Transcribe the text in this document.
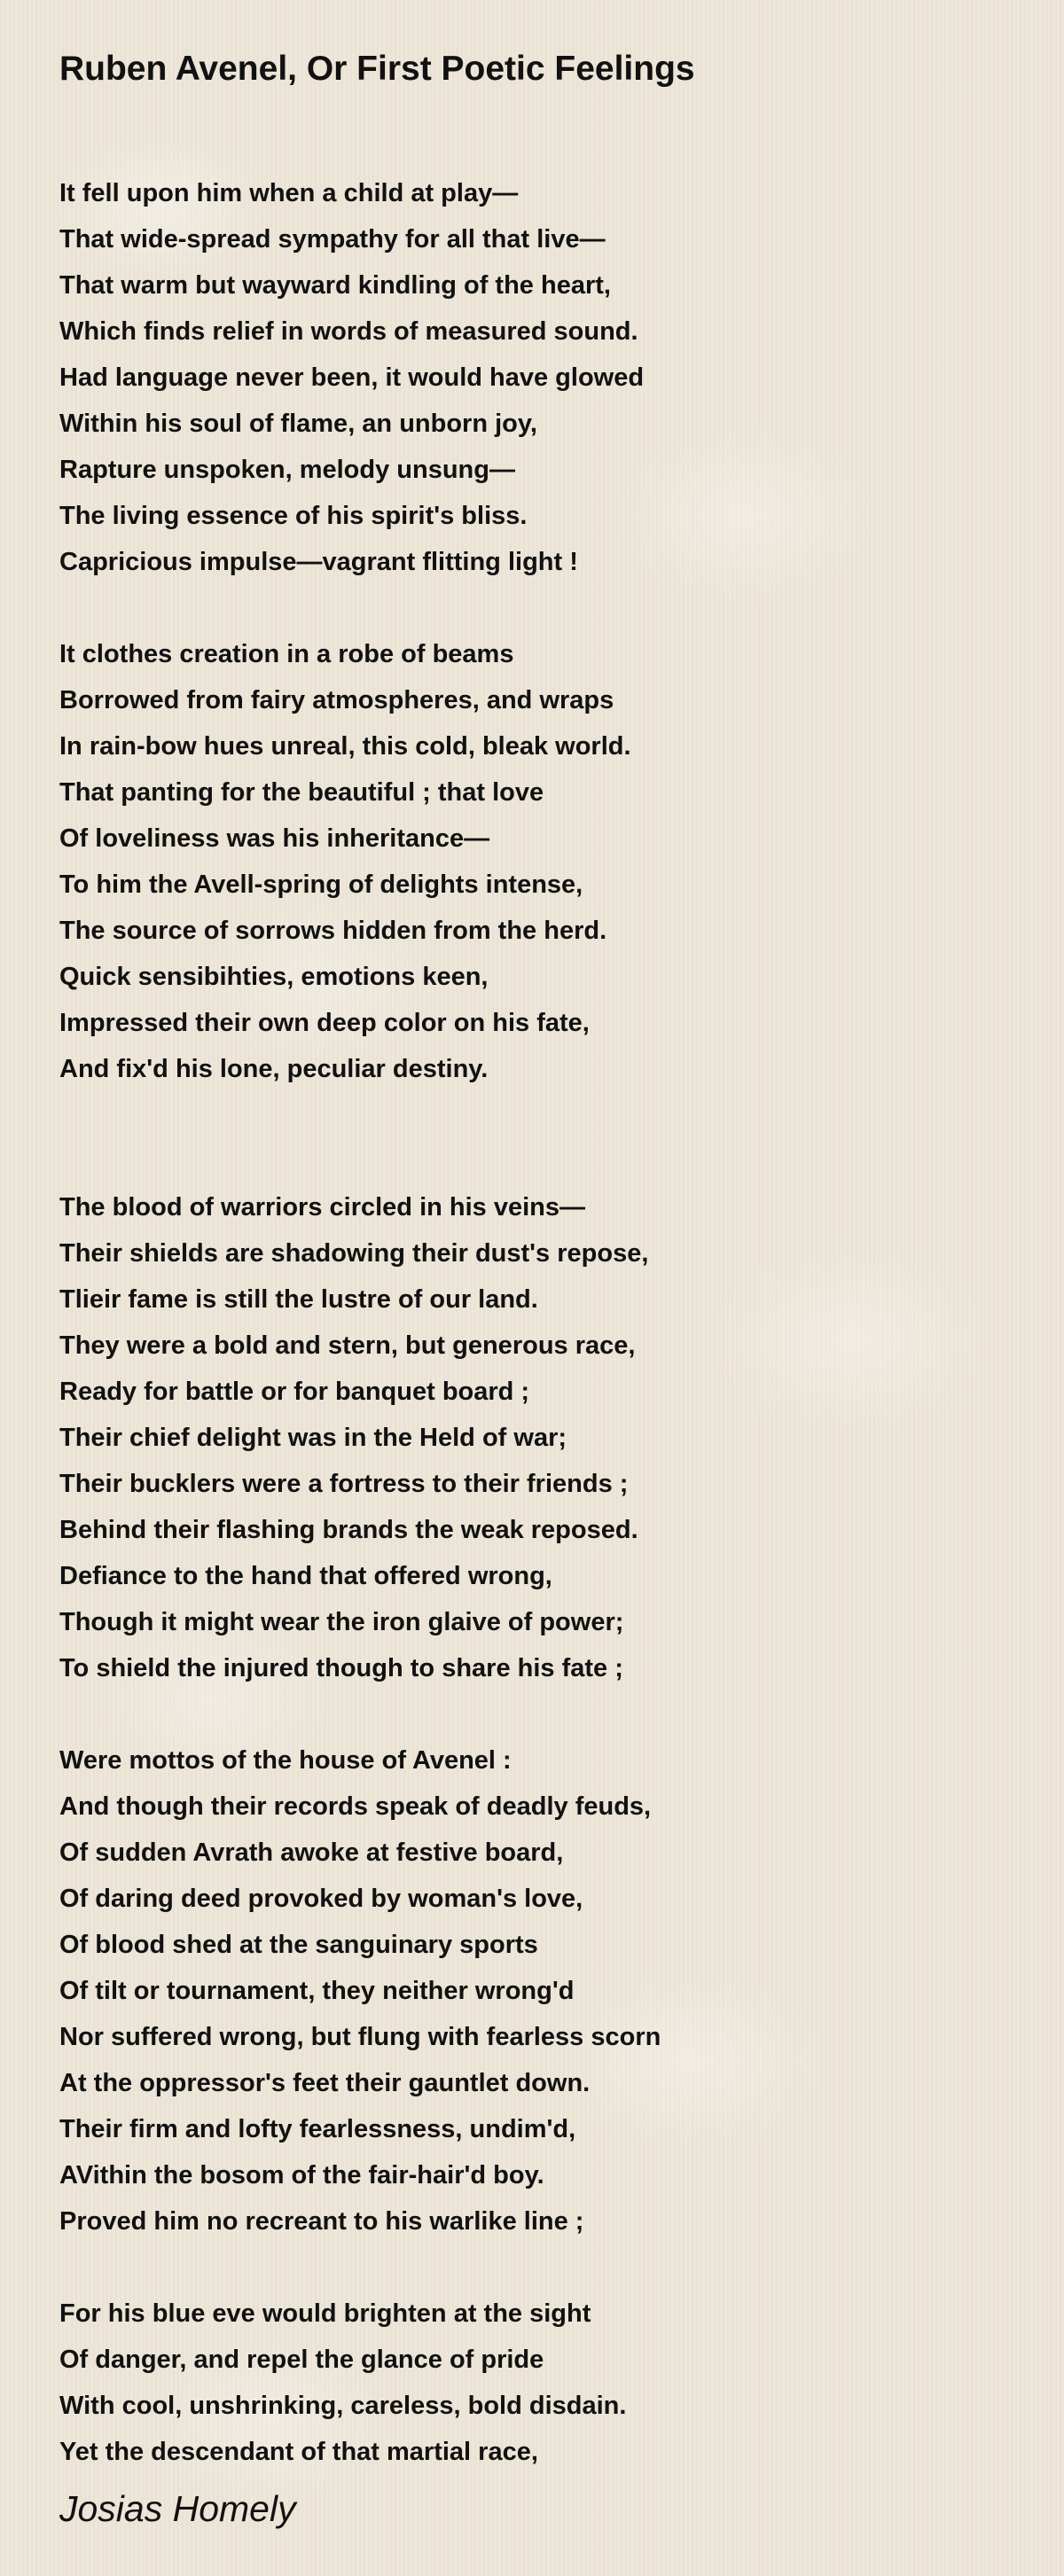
Ruben Avenel, Or First Poetic Feelings
It fell upon him when a child at play—
That wide-spread sympathy for all that live—
That warm but wayward kindling of the heart,
Which finds relief in words of measured sound.
Had language never been, it would have glowed
Within his soul of flame, an unborn joy,
Rapture unspoken, melody unsung—
The living essence of his spirit's bliss.
Capricious impulse—vagrant flitting light !
It clothes creation in a robe of beams
Borrowed from fairy atmospheres, and wraps
In rain-bow hues unreal, this cold, bleak world.
That panting for the beautiful ; that love
Of loveliness was his inheritance—
To him the Avell-spring of delights intense,
The source of sorrows hidden from the herd.
Quick sensibihties, emotions keen,
Impressed their own deep color on his fate,
And fix'd his lone, peculiar destiny.
The blood of warriors circled in his veins—
Their shields are shadowing their dust's repose,
Tlieir fame is still the lustre of our land.
They were a bold and stern, but generous race,
Ready for battle or for banquet board ;
Their chief delight was in the Held of war;
Their bucklers were a fortress to their friends ;
Behind their flashing brands the weak reposed.
Defiance to the hand that offered wrong,
Though it might wear the iron glaive of power;
To shield the injured though to share his fate ;
Were mottos of the house of Avenel :
And though their records speak of deadly feuds,
Of sudden Avrath awoke at festive board,
Of daring deed provoked by woman's love,
Of blood shed at the sanguinary sports
Of tilt or tournament, they neither wrong'd
Nor suffered wrong, but flung with fearless scorn
At the oppressor's feet their gauntlet down.
Their firm and lofty fearlessness, undim'd,
AVithin the bosom of the fair-hair'd boy.
Proved him no recreant to his warlike line ;
For his blue eve would brighten at the sight
Of danger, and repel the glance of pride
With cool, unshrinking, careless, bold disdain.
Yet the descendant of that martial race,
Josias Homely
